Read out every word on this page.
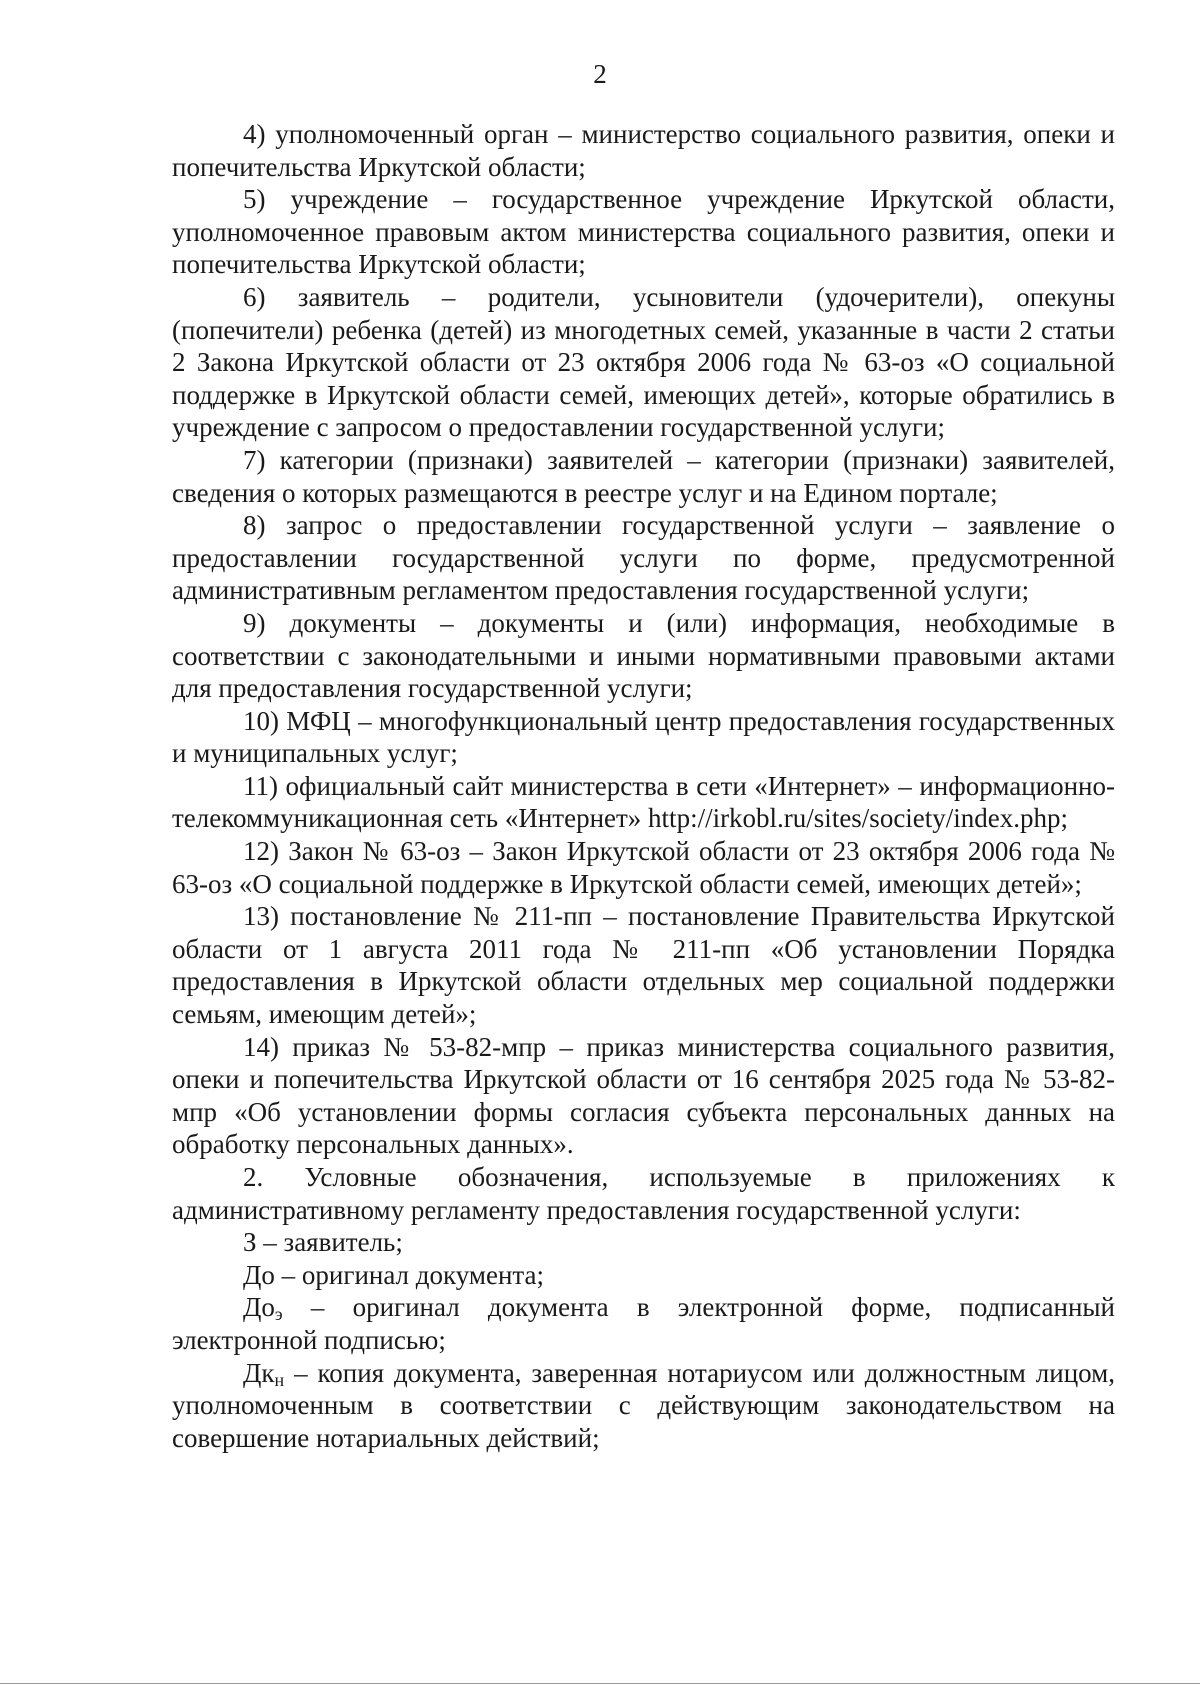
2

4) уполномоченный орган – министерство социального развития, опеки и попечительства Иркутской области;

5) учреждение – государственное учреждение Иркутской области, уполномоченное правовым актом министерства социального развития, опеки и попечительства Иркутской области;

6) заявитель – родители, усыновители (удочерители), опекуны (попечители) ребенка (детей) из многодетных семей, указанные в части 2 статьи 2 Закона Иркутской области от 23 октября 2006 года № 63-оз «О социальной поддержке в Иркутской области семей, имеющих детей», которые обратились в учреждение с запросом о предоставлении государственной услуги;

7) категории (признаки) заявителей – категории (признаки) заявителей, сведения о которых размещаются в реестре услуг и на Едином портале;

8) запрос о предоставлении государственной услуги – заявление о предоставлении государственной услуги по форме, предусмотренной административным регламентом предоставления государственной услуги;

9) документы – документы и (или) информация, необходимые в соответствии с законодательными и иными нормативными правовыми актами для предоставления государственной услуги;

10) МФЦ – многофункциональный центр предоставления государственных и муниципальных услуг;

11) официальный сайт министерства в сети «Интернет» – информационно-телекоммуникационная сеть «Интернет» http://irkobl.ru/sites/society/index.php;

12) Закон № 63-оз – Закон Иркутской области от 23 октября 2006 года № 63-оз «О социальной поддержке в Иркутской области семей, имеющих детей»;

13) постановление № 211-пп – постановление Правительства Иркутской области от 1 августа 2011 года № 211-пп «Об установлении Порядка предоставления в Иркутской области отдельных мер социальной поддержки семьям, имеющим детей»;

14) приказ № 53-82-мпр – приказ министерства социального развития, опеки и попечительства Иркутской области от 16 сентября 2025 года № 53-82-мпр «Об установлении формы согласия субъекта персональных данных на обработку персональных данных».

2. Условные обозначения, используемые в приложениях к административному регламенту предоставления государственной услуги:

З – заявитель;

До – оригинал документа;

$До_э$ – оригинал документа в электронной форме, подписанный электронной подписью;

$Дк_н$ – копия документа, заверенная нотариусом или должностным лицом, уполномоченным в соответствии с действующим законодательством на совершение нотариальных действий;
